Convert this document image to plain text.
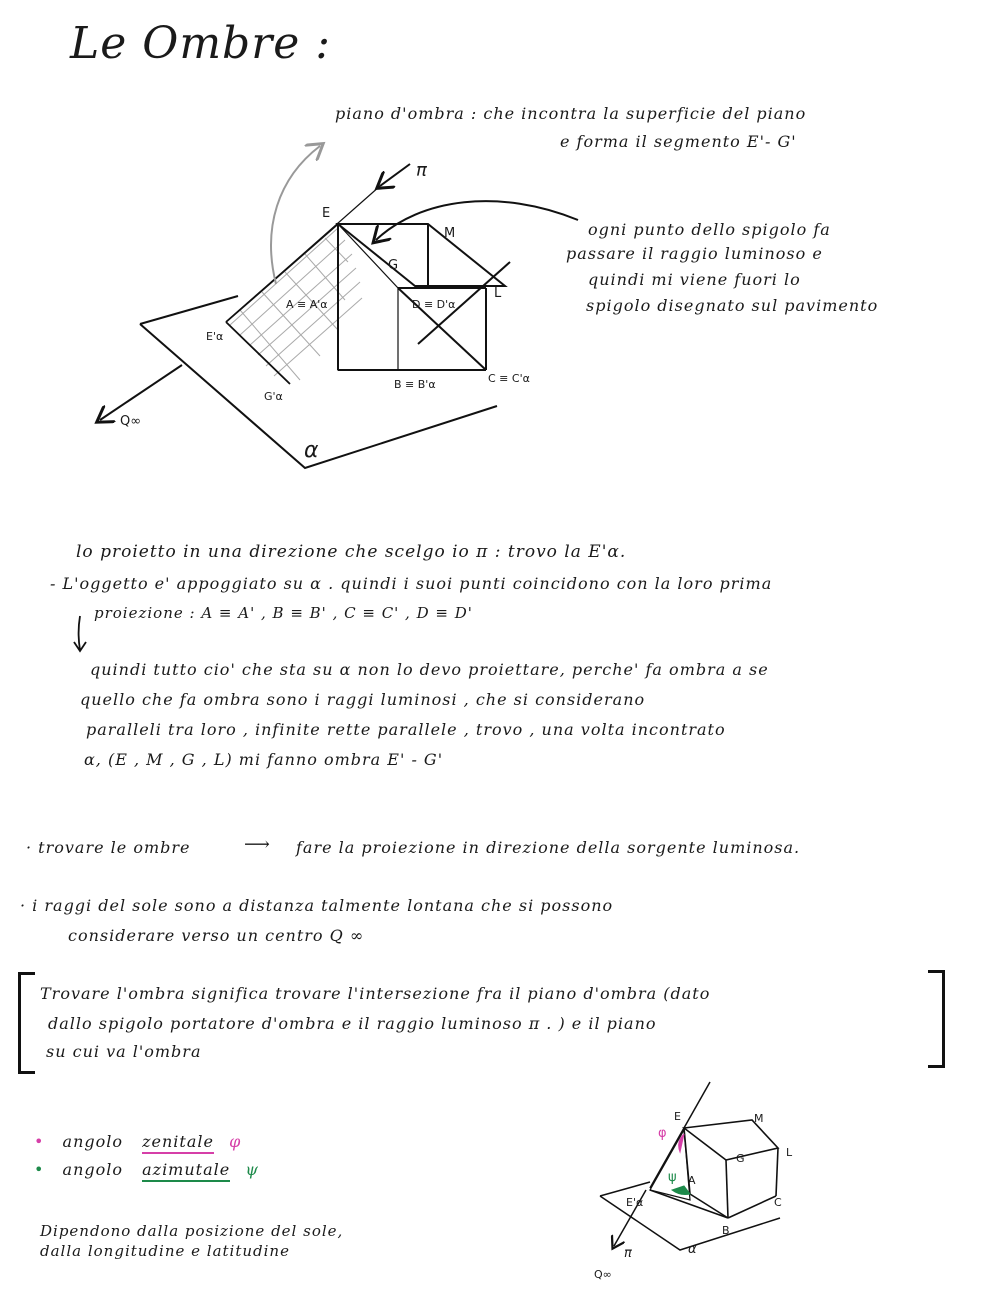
Le Ombre :
piano d'ombra : che incontra la superficie del piano
e forma il segmento E'- G'
ogni punto dello spigolo fa
passare il raggio luminoso e
quindi mi viene fuori lo
spigolo disegnato sul pavimento
π
E
M
G
L
A ≡ A'α	D ≡ D'α
E'α
G'α
B ≡ B'α	C ≡ C'α
Q∞
α
lo proietto in una direzione che scelgo io π : trovo la E'α.
- L'oggetto e' appoggiato su α . quindi i suoi punti coincidono con la loro prima
proiezione : A ≡ A' , B ≡ B' , C ≡ C' , D ≡ D'
quindi tutto cio' che sta su α non lo devo proiettare, perche' fa ombra a se
quello che fa ombra sono i raggi luminosi , che si considerano
paralleli tra loro , infinite rette parallele , trovo , una volta incontrato
α, (E , M , G , L) mi fanno ombra E' - G'
· trovare le ombre	⟶ fare la proiezione in direzione della sorgente luminosa.
· i raggi del sole sono a distanza talmente lontana che si possono
considerare verso un centro Q ∞
Trovare l'ombra significa trovare l'intersezione fra il piano d'ombra (dato
dallo spigolo portatore d'ombra e il raggio luminoso π . ) e il piano
su cui va l'ombra
• angolo zenitale φ
• angolo azimutale ψ
Dipendono dalla posizione del sole,
dalla longitudine e latitudine
E	M
L
G
A
E'α
B
C
π	α
Q∞
φ
ψ
